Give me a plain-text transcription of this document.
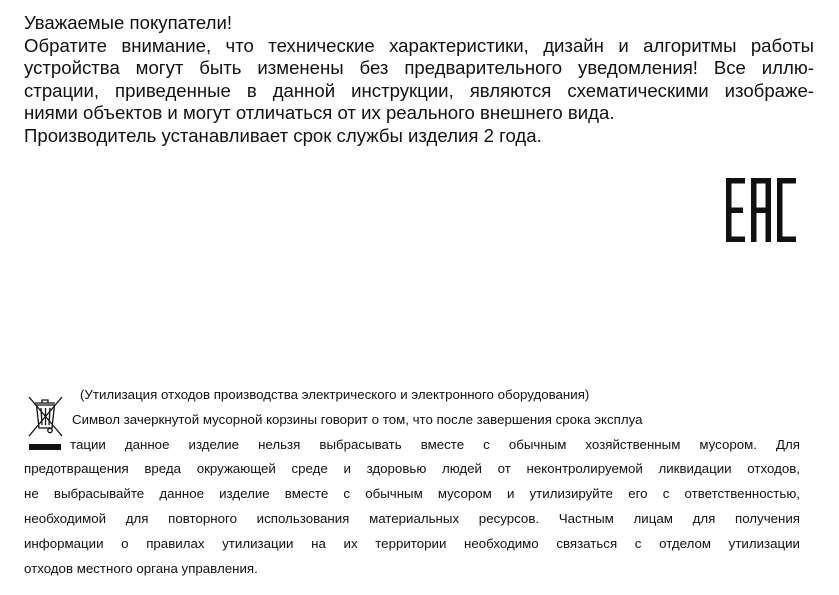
Уважаемые покупатели!
Обратите внимание, что технические характеристики, дизайн и алгоритмы работы
устройства могут быть изменены без предварительного уведомления! Все иллю-
страции, приведенные в данной инструкции, являются схематическими изображе-
ниями объектов и могут отличаться от их реального внешнего вида.
Производитель устанавливает срок службы изделия 2 года.
(Утилизация отходов производства электрического и электронного оборудования)
Символ зачеркнутой мусорной корзины говорит о том, что после завершения срока эксплуа
тации данное изделие нельзя выбрасывать вместе с обычным хозяйственным мусором. Для
предотвращения вреда окружающей среде и здоровью людей от неконтролируемой ликвидации отходов,
не выбрасывайте данное изделие вместе с обычным мусором и утилизируйте его с ответственностью,
необходимой для повторного использования материальных ресурсов. Частным лицам для получения
информации о правилах утилизации на их территории необходимо связаться с отделом утилизации
отходов местного органа управления.
